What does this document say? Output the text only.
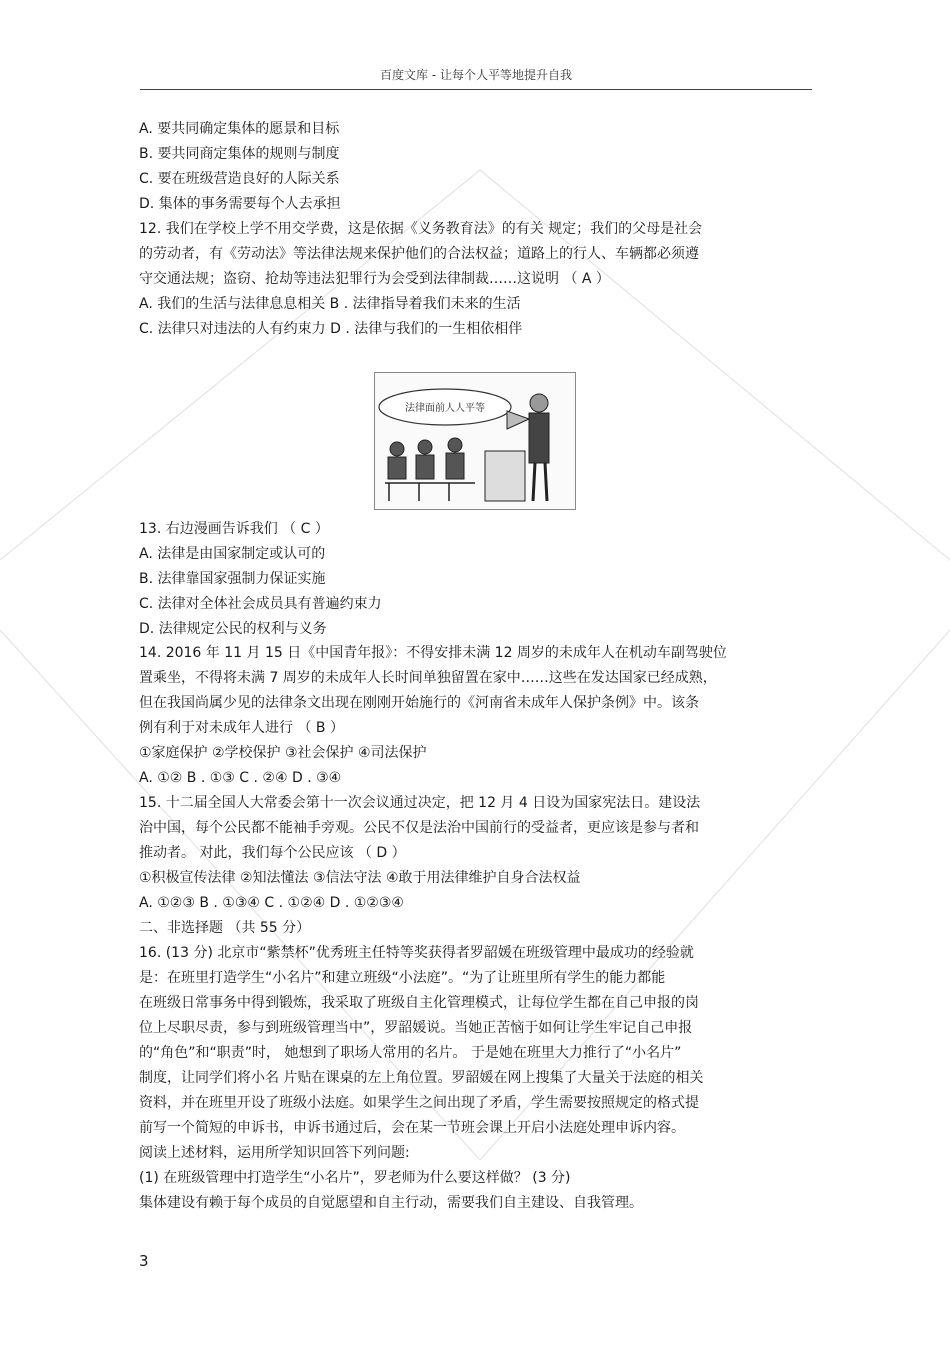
百度文库 - 让每个人平等地提升自我
A. 要共同确定集体的愿景和目标
B. 要共同商定集体的规则与制度
C. 要在班级营造良好的人际关系
D. 集体的事务需要每个人去承担
12. 我们在学校上学不用交学费，这是依据《义务教育法》的有关 规定；我们的父母是社会
的劳动者，有《劳动法》等法律法规来保护他们的合法权益；道路上的行人、车辆都必须遵
守交通法规；盗窃、抢劫等违法犯罪行为会受到法律制裁……这说明 （ A ）
A. 我们的生活与法律息息相关 B . 法律指导着我们未来的生活
C. 法律只对违法的人有约束力 D . 法律与我们的一生相依相伴
法律面前人人平等
13. 右边漫画告诉我们 （ C ）
A. 法律是由国家制定或认可的
B. 法律靠国家强制力保证实施
C. 法律对全体社会成员具有普遍约束力
D. 法律规定公民的权利与义务
14. 2016 年 11 月 15 日《中国青年报》：不得安排未满 12 周岁的未成年人在机动车副驾驶位
置乘坐，不得将未满 7 周岁的未成年人长时间单独留置在家中……这些在发达国家已经成熟，
但在我国尚属少见的法律条文出现在刚刚开始施行的《河南省未成年人保护条例》中。该条
例有利于对未成年人进行 （ B ）
①家庭保护 ②学校保护 ③社会保护 ④司法保护
A. ①② B . ①③ C . ②④ D . ③④
15. 十二届全国人大常委会第十一次会议通过决定，把 12 月 4 日设为国家宪法日。建设法
治中国，每个公民都不能袖手旁观。公民不仅是法治中国前行的受益者，更应该是参与者和
推动者。 对此，我们每个公民应该 （ D ）
①积极宣传法律 ②知法懂法 ③信法守法 ④敢于用法律维护自身合法权益
A. ①②③ B . ①③④ C . ①②④ D . ①②③④
二、非选择题 （共 55 分）
16. (13 分) 北京市“紫禁杯”优秀班主任特等奖获得者罗韶媛在班级管理中最成功的经验就
是：在班里打造学生“小名片”和建立班级“小法庭”。“为了让班里所有学生的能力都能
在班级日常事务中得到锻炼，我采取了班级自主化管理模式，让每位学生都在自己申报的岗
位上尽职尽责，参与到班级管理当中”，罗韶媛说。当她正苦恼于如何让学生牢记自己申报
的“角色”和“职责”时， 她想到了职场人常用的名片。 于是她在班里大力推行了“小名片”
制度，让同学们将小名 片贴在课桌的左上角位置。罗韶媛在网上搜集了大量关于法庭的相关
资料，并在班里开设了班级小法庭。如果学生之间出现了矛盾，学生需要按照规定的格式提
前写一个简短的申诉书，申诉书通过后，会在某一节班会课上开启小法庭处理申诉内容。
阅读上述材料，运用所学知识回答下列问题:
(1) 在班级管理中打造学生“小名片”，罗老师为什么要这样做？ (3 分)
集体建设有赖于每个成员的自觉愿望和自主行动，需要我们自主建设、自我管理。
3
